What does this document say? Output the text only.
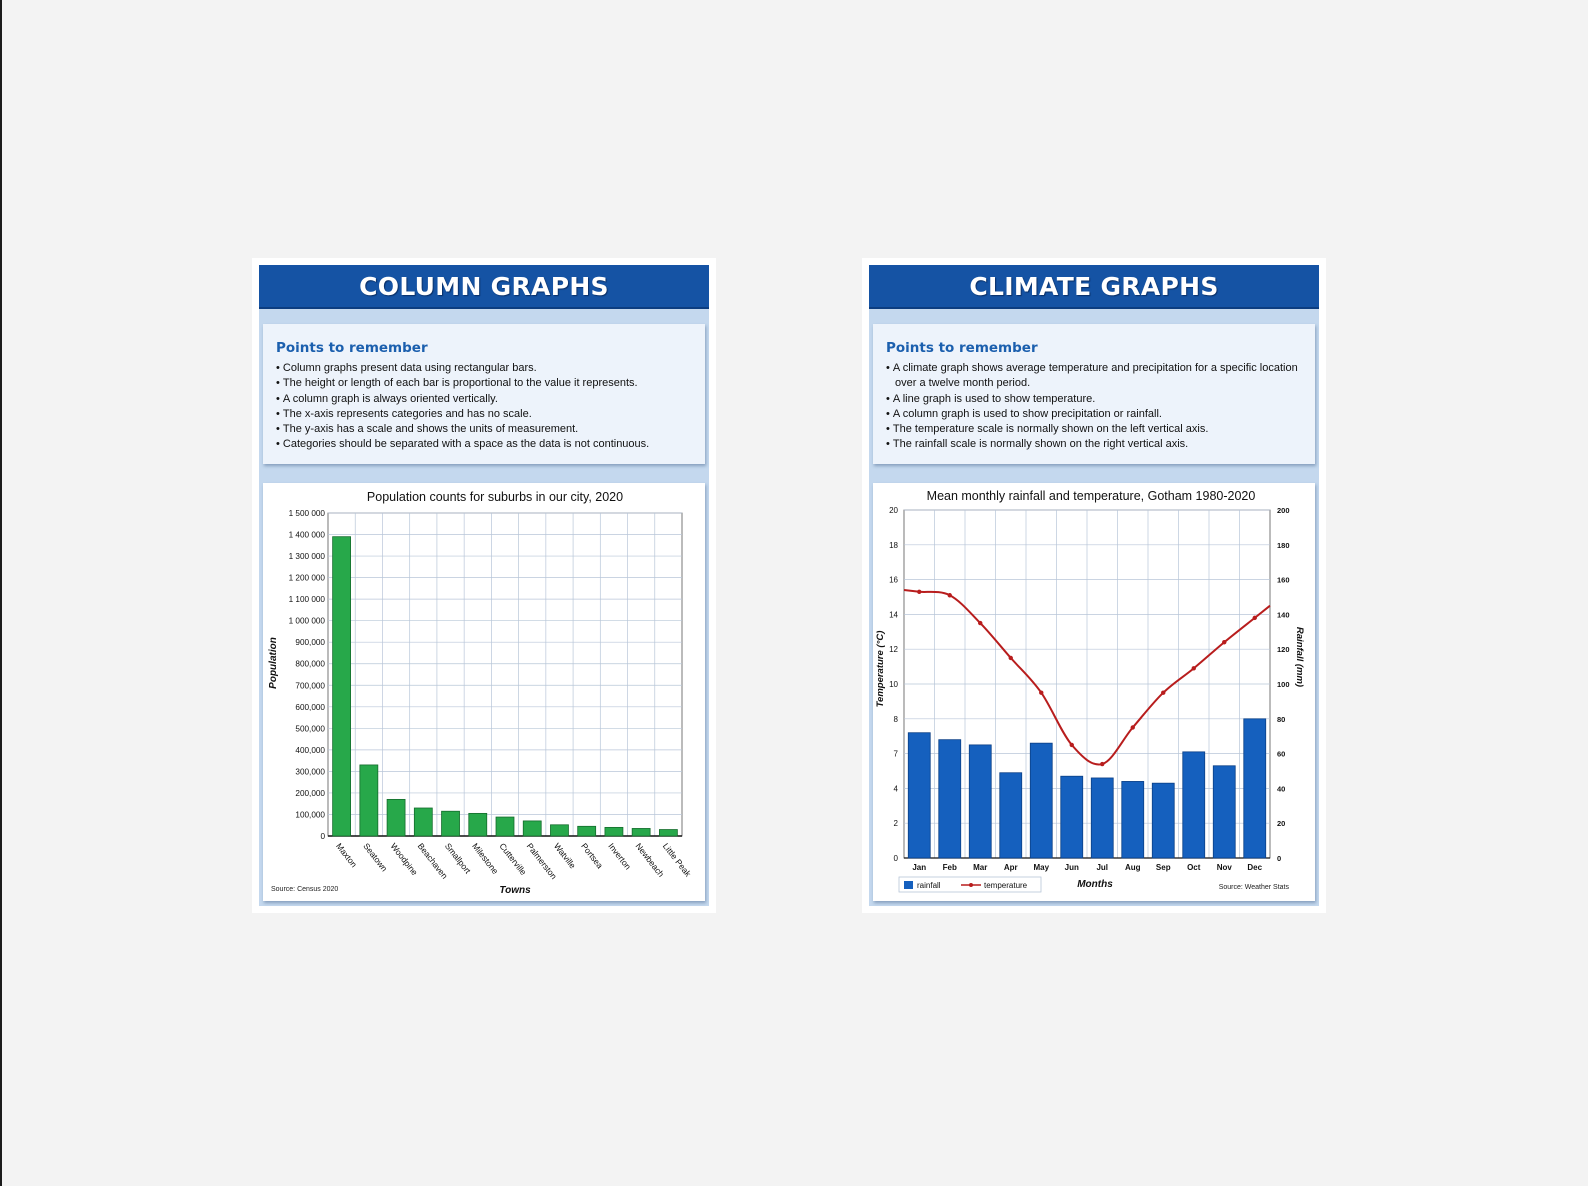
COLUMN GRAPHS
Points to remember
• Column graphs present data using rectangular bars.
• The height or length of each bar is proportional to the value it represents.
• A column graph is always oriented vertically.
• The x-axis represents categories and has no scale.
• The y-axis has a scale and shows the units of measurement.
• Categories should be separated with a space as the data is not continuous.
Population counts for suburbs in our city, 2020
Population
Towns
Source: Census 2020
0
100,000
200,000
300,000
400,000
500,000
600,000
700,000
800,000
900,000
1 000 000
1 100 000
1 200 000
1 300 000
1 400 000
1 500 000
Maxton Seatown
Woodpine
Beachaven
Smallport
Milestone
Cutterville
Palmerston
Watville Portsea Inverton Newbeach
Little Peak
CLIMATE GRAPHS
Points to remember
• A climate graph shows average temperature and precipitation for a specific location over a twelve month period.
• A line graph is used to show temperature.
• A column graph is used to show precipitation or rainfall.
• The temperature scale is normally shown on the left vertical axis.
• The rainfall scale is normally shown on the right vertical axis.
Mean monthly rainfall and temperature, Gotham 1980-2020
Temperature (°C)	Rainfall (mm)
Months	Source: Weather Stats
0
2
4
7
8
10
12
14
16
18
20
0
20
40
60
80
100
120
140
160
180
200
Jan Feb Mar Apr May Jun Jul Aug Sep Oct Nov Dec
rainfall	temperature
